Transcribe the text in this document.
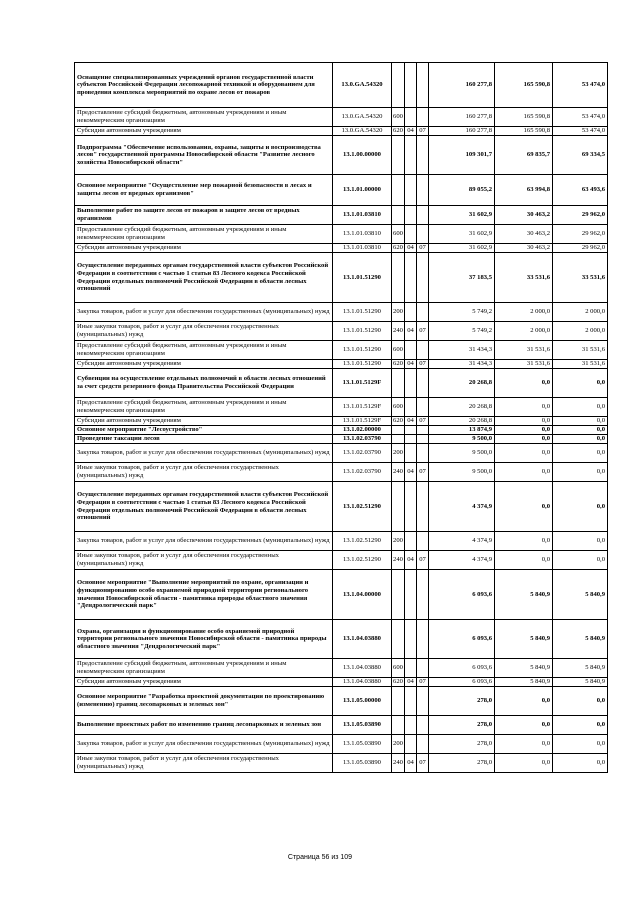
Оснащение специализированных учреждений органов государственной власти субъектов Российской Федерации лесопожарной техникой и оборудованием для проведения комплекса мероприятий по охране лесов от пожаров	13.0.GA.54320				160 277,8	165 590,8	53 474,0
Предоставление субсидий бюджетным, автономным учреждениям и иным некоммерческим организациям	13.0.GA.54320	600			160 277,8	165 590,8	53 474,0
Субсидии автономным учреждениям	13.0.GA.54320	620	04	07	160 277,8	165 590,8	53 474,0
Подпрограмма "Обеспечение использования, охраны, защиты и воспроизводства лесов" государственной программы Новосибирской области "Развитие лесного хозяйства Новосибирской области"	13.1.00.00000				109 301,7	69 835,7	69 334,5
Основное мероприятие "Осуществление мер пожарной безопасности в лесах и защиты лесов от вредных организмов"	13.1.01.00000				89 055,2	63 994,8	63 493,6
Выполнение работ по защите лесов от пожаров и защите лесов от вредных организмов	13.1.01.03810				31 602,9	30 463,2	29 962,0
Предоставление субсидий бюджетным, автономным учреждениям и иным некоммерческим организациям	13.1.01.03810	600			31 602,9	30 463,2	29 962,0
Субсидии автономным учреждениям	13.1.01.03810	620	04	07	31 602,9	30 463,2	29 962,0
Осуществление переданных органам государственной власти субъектов Российской Федерации в соответствии с частью 1 статьи 83 Лесного кодекса Российской Федерации отдельных полномочий Российской Федерации в области лесных отношений	13.1.01.51290				37 183,5	33 531,6	33 531,6
Закупка товаров, работ и услуг для обеспечения государственных (муниципальных) нужд	13.1.01.51290	200			5 749,2	2 000,0	2 000,0
Иные закупки товаров, работ и услуг для обеспечения государственных (муниципальных) нужд	13.1.01.51290	240	04	07	5 749,2	2 000,0	2 000,0
Предоставление субсидий бюджетным, автономным учреждениям и иным некоммерческим организациям	13.1.01.51290	600			31 434,3	31 531,6	31 531,6
Субсидии автономным учреждениям	13.1.01.51290	620	04	07	31 434,3	31 531,6	31 531,6
Субвенции на осуществление отдельных полномочий в области лесных отношений за счет средств резервного фонда Правительства Российской Федерации	13.1.01.5129F				20 268,8	0,0	0,0
Предоставление субсидий бюджетным, автономным учреждениям и иным некоммерческим организациям	13.1.01.5129F	600			20 268,8	0,0	0,0
Субсидии автономным учреждениям	13.1.01.5129F	620	04	07	20 268,8	0,0	0,0
Основное мероприятие "Лесоустройство"	13.1.02.00000				13 874,9	0,0	0,0
Проведение таксации лесов	13.1.02.03790				9 500,0	0,0	0,0
Закупка товаров, работ и услуг для обеспечения государственных (муниципальных) нужд	13.1.02.03790	200			9 500,0	0,0	0,0
Иные закупки товаров, работ и услуг для обеспечения государственных (муниципальных) нужд	13.1.02.03790	240	04	07	9 500,0	0,0	0,0
Осуществление переданных органам государственной власти субъектов Российской Федерации в соответствии с частью 1 статьи 83 Лесного кодекса Российской Федерации отдельных полномочий Российской Федерации в области лесных отношений	13.1.02.51290				4 374,9	0,0	0,0
Закупка товаров, работ и услуг для обеспечения государственных (муниципальных) нужд	13.1.02.51290	200			4 374,9	0,0	0,0
Иные закупки товаров, работ и услуг для обеспечения государственных (муниципальных) нужд	13.1.02.51290	240	04	07	4 374,9	0,0	0,0
Основное мероприятие "Выполнение мероприятий по охране, организации и функционированию особо охраняемой природной территории регионального значения Новосибирской области - памятника природы областного значения "Дендрологический парк"	13.1.04.00000				6 093,6	5 840,9	5 840,9
Охрана, организация и функционирование особо охраняемой природной территории регионального значения Новосибирской области - памятника природы областного значения "Дендрологический парк"	13.1.04.03880				6 093,6	5 840,9	5 840,9
Предоставление субсидий бюджетным, автономным учреждениям и иным некоммерческим организациям	13.1.04.03880	600			6 093,6	5 840,9	5 840,9
Субсидии автономным учреждениям	13.1.04.03880	620	04	07	6 093,6	5 840,9	5 840,9
Основное мероприятие "Разработка проектной документации по проектированию (изменению) границ лесопарковых и зеленых зон"	13.1.05.00000				278,0	0,0	0,0
Выполнение проектных работ по изменению границ лесопарковых и зеленых зон	13.1.05.03890				278,0	0,0	0,0
Закупка товаров, работ и услуг для обеспечения государственных (муниципальных) нужд	13.1.05.03890	200			278,0	0,0	0,0
Иные закупки товаров, работ и услуг для обеспечения государственных (муниципальных) нужд	13.1.05.03890	240	04	07	278,0	0,0	0,0
Страница 56 из 109
